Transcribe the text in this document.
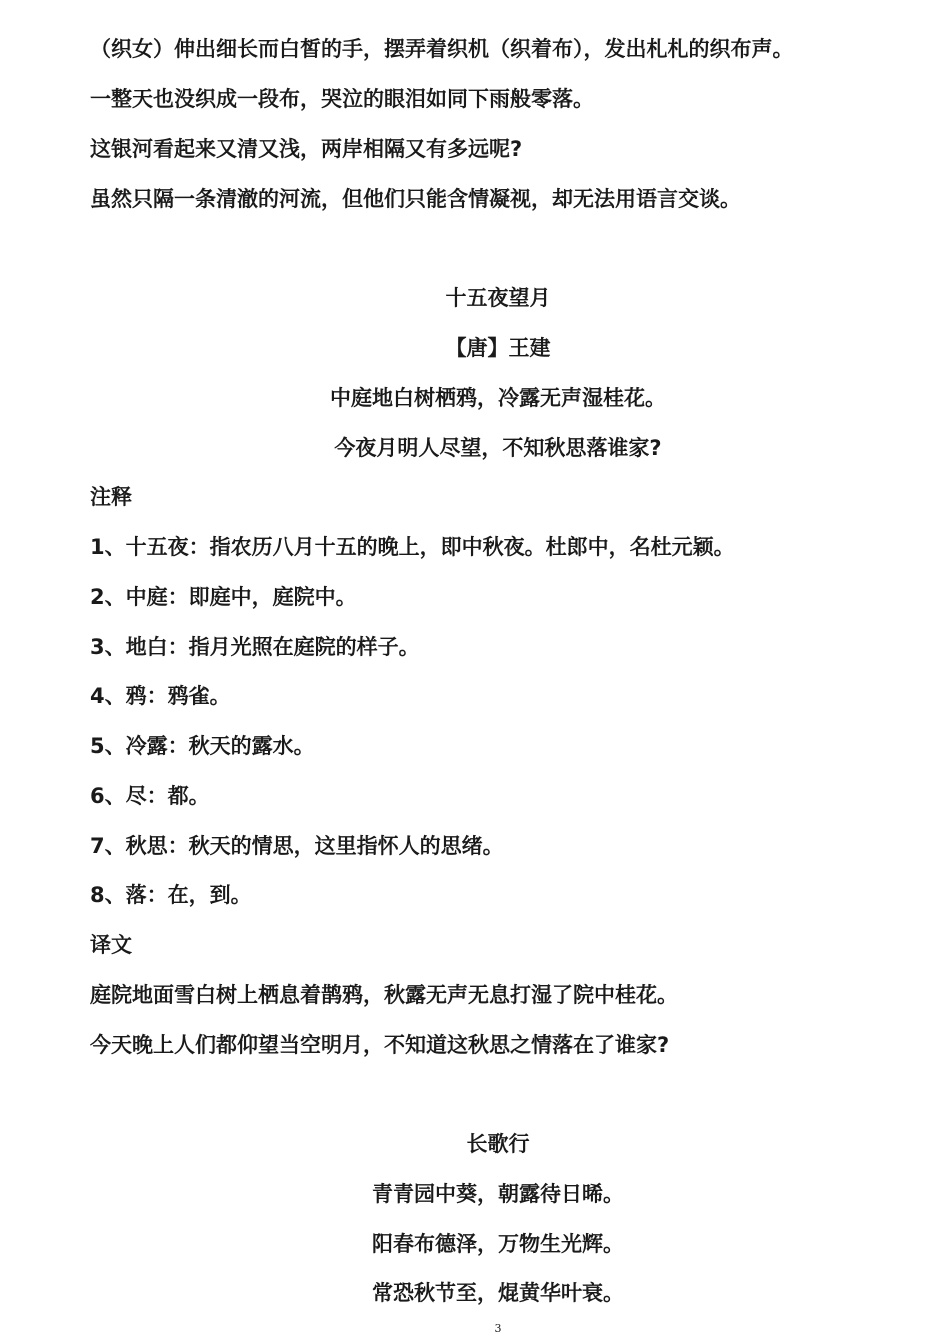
（织女）伸出细长而白皙的手，摆弄着织机（织着布），发出札札的织布声。

一整天也没织成一段布，哭泣的眼泪如同下雨般零落。

这银河看起来又清又浅，两岸相隔又有多远呢?

虽然只隔一条清澈的河流，但他们只能含情凝视，却无法用语言交谈。

十五夜望月

【唐】王建

中庭地白树栖鸦，冷露无声湿桂花。

今夜月明人尽望，不知秋思落谁家?

注释

1、十五夜：指农历八月十五的晚上，即中秋夜。杜郎中，名杜元颖。

2、中庭：即庭中，庭院中。

3、地白：指月光照在庭院的样子。

4、鸦：鸦雀。

5、冷露：秋天的露水。

6、尽：都。

7、秋思：秋天的情思，这里指怀人的思绪。

8、落：在，到。

译文

庭院地面雪白树上栖息着鹊鸦，秋露无声无息打湿了院中桂花。

今天晚上人们都仰望当空明月，不知道这秋思之情落在了谁家?

长歌行

青青园中葵，朝露待日晞。

阳春布德泽，万物生光辉。

常恐秋节至，焜黄华叶衰。

3
